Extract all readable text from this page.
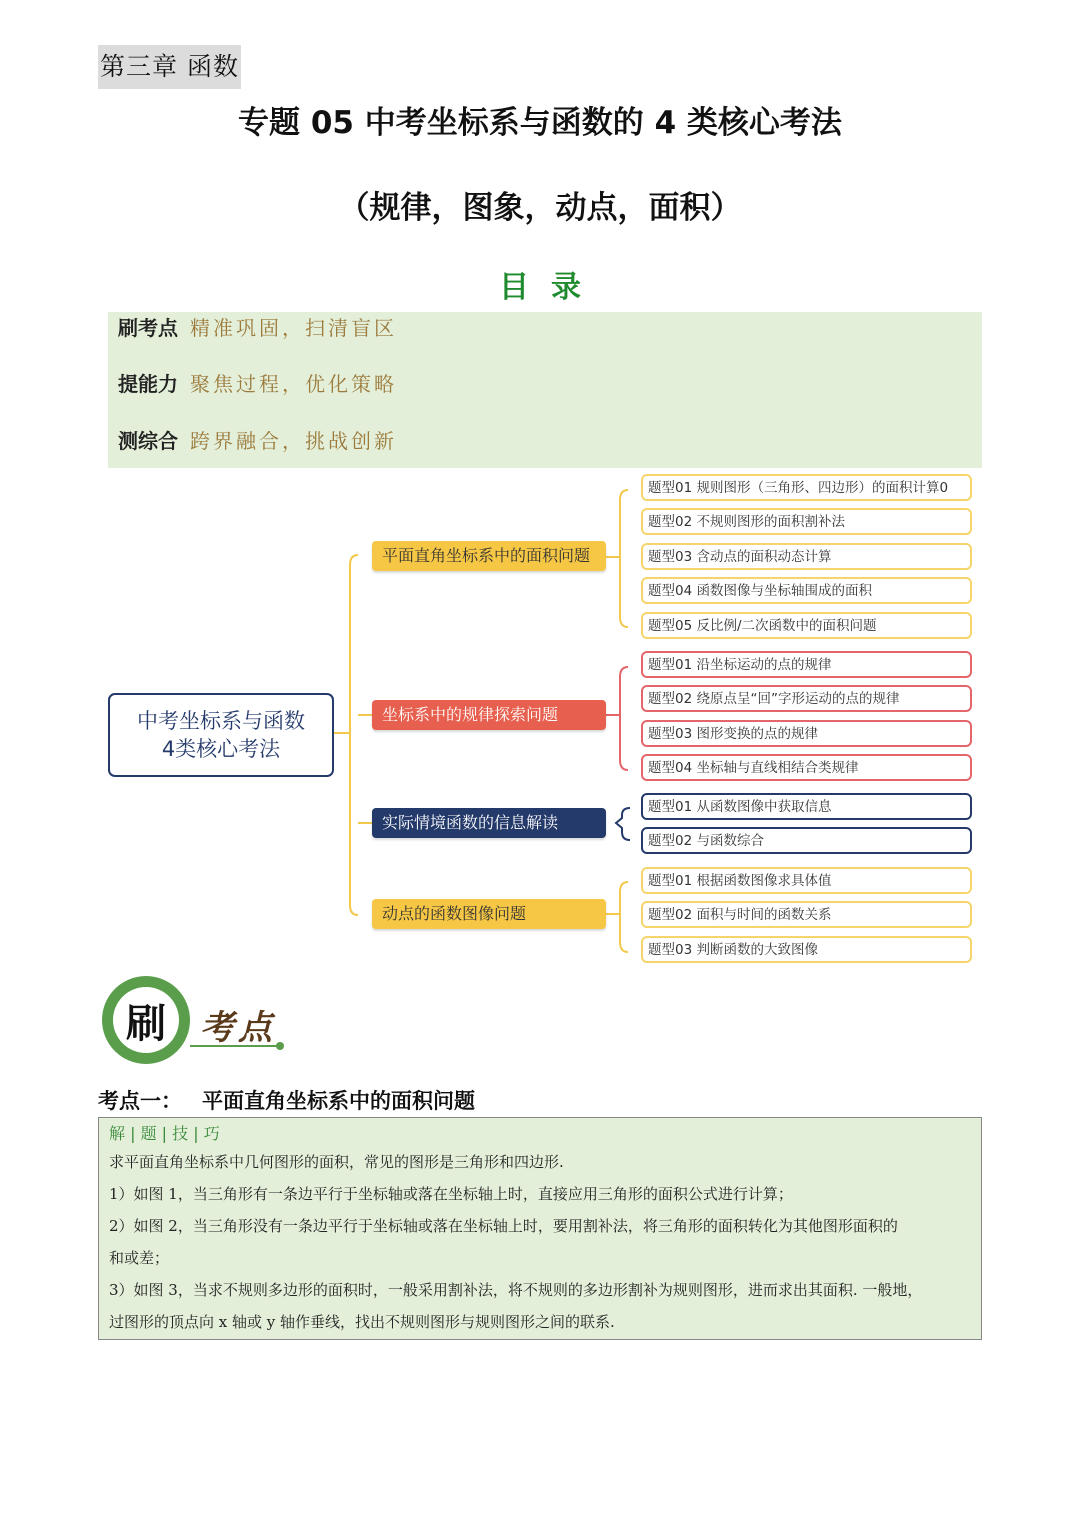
第三章 函数
专题 05 中考坐标系与函数的 4 类核心考法
（规律，图象，动点，面积）
目录
刷考点 精准巩固，扫清盲区
提能力 聚焦过程，优化策略
测综合 跨界融合，挑战创新
中考坐标系与函数
4类核心考法
平面直角坐标系中的面积问题
坐标系中的规律探索问题
实际情境函数的信息解读
动点的函数图像问题
题型01 规则图形（三角形、四边形）的面积计算0
题型02 不规则图形的面积割补法
题型03 含动点的面积动态计算
题型04 函数图像与坐标轴围成的面积
题型05 反比例/二次函数中的面积问题
题型01 沿坐标运动的点的规律
题型02 绕原点呈“回”字形运动的点的规律
题型03 图形变换的点的规律
题型04 坐标轴与直线相结合类规律
题型01 从函数图像中获取信息
题型02 与函数综合
题型01 根据函数图像求具体值
题型02 面积与时间的函数关系
题型03 判断函数的大致图像
刷	考点
考点一： 平面直角坐标系中的面积问题
解 | 题 | 技 | 巧
求平面直角坐标系中几何图形的面积，常见的图形是三角形和四边形.
1）如图 1，当三角形有一条边平行于坐标轴或落在坐标轴上时，直接应用三角形的面积公式进行计算；
2）如图 2，当三角形没有一条边平行于坐标轴或落在坐标轴上时，要用割补法，将三角形的面积转化为其他图形面积的
和或差；
3）如图 3，当求不规则多边形的面积时，一般采用割补法，将不规则的多边形割补为规则图形，进而求出其面积. 一般地，
过图形的顶点向 x 轴或 y 轴作垂线，找出不规则图形与规则图形之间的联系.
